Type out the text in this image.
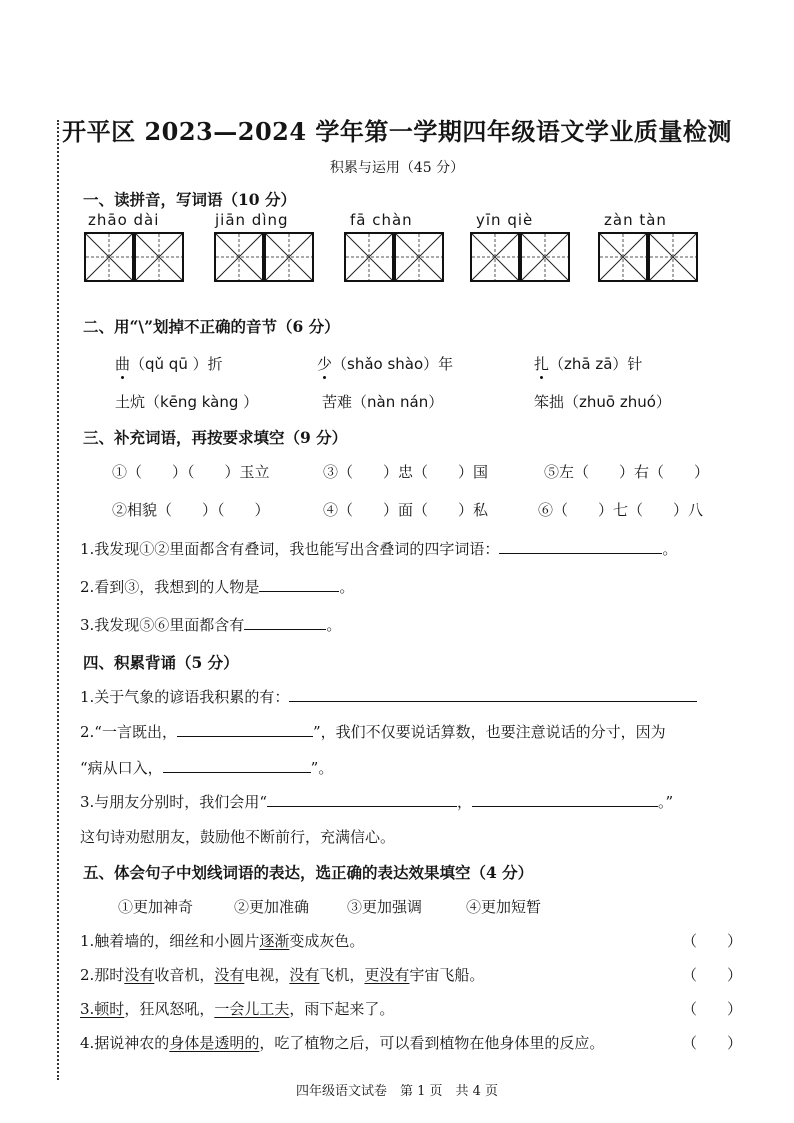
开平区 2023—2024 学年第一学期四年级语文学业质量检测
积累与运用（45 分）
一、读拼音，写词语（10 分）
zhāo dài	jiān dìng	fā chàn	yīn qiè	zàn tàn
二、用“\”划掉不正确的音节（6 分）
曲（qǔ qū ）折	少（shǎo shào）年	扎（zhā zā）针
土炕（kēng kàng ）	苦难（nàn nán）	笨拙（zhuō zhuó）
三、补充词语，再按要求填空（9 分）
①（　　）（　　）玉立	③（　　）忠（　　）国	⑤左（　　）右（　　）
②相貌（　　）（　　）	④（　　）面（　　）私	⑥（　　）七（　　）八
1.我发现①②里面都含有叠词，我也能写出含叠词的四字词语：	。
2.看到③，我想到的人物是	。
3.我发现⑤⑥里面都含有	。
四、积累背诵（5 分）
1.关于气象的谚语我积累的有：
2.“一言既出，	”，我们不仅要说话算数，也要注意说话的分寸，因为
“病从口入，	”。
3.与朋友分别时，我们会用“	，	。”
这句诗劝慰朋友，鼓励他不断前行，充满信心。
五、体会句子中划线词语的表达，选正确的表达效果填空（4 分）
①更加神奇	②更加准确	③更加强调	④更加短暂
1.触着墙的，细丝和小圆片逐渐变成灰色。	（　　）
2.那时没有收音机，没有电视，没有飞机，更没有宇宙飞船。	（　　）
3.顿时，狂风怒吼，一会儿工夫，雨下起来了。	（　　）
4.据说神农的身体是透明的，吃了植物之后，可以看到植物在他身体里的反应。	（　　）
四年级语文试卷　第 1 页　共 4 页
